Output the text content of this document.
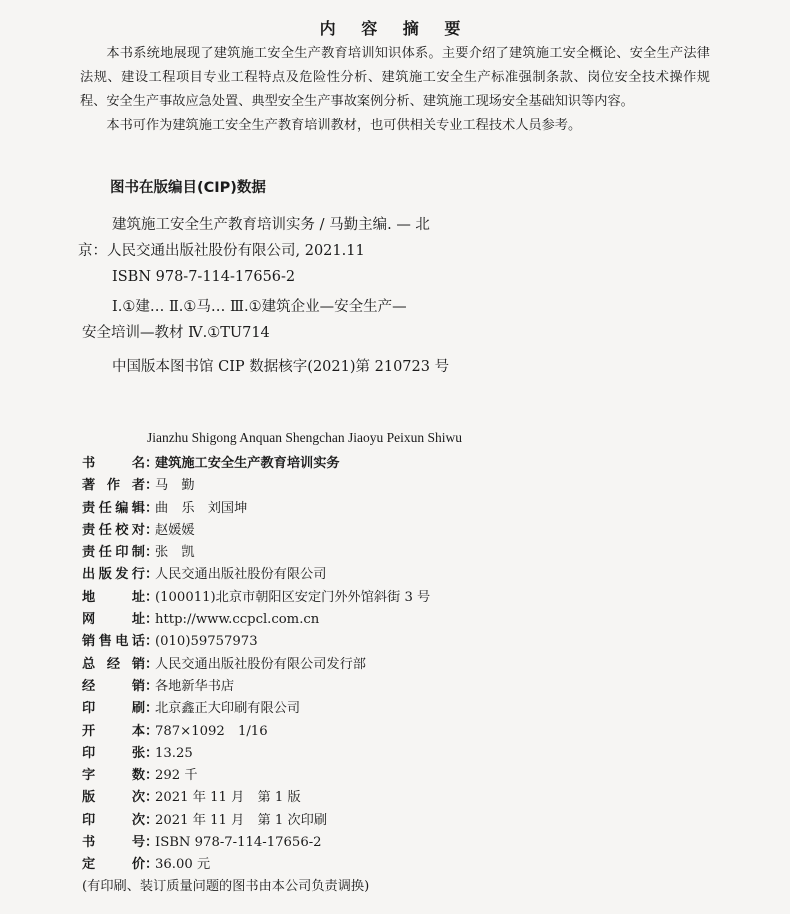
内 容 摘 要

本书系统地展现了建筑施工安全生产教育培训知识体系。主要介绍了建筑施工安全概论、安全生产法律法规、建设工程项目专业工程特点及危险性分析、建筑施工安全生产标准强制条款、岗位安全技术操作规程、安全生产事故应急处置、典型安全生产事故案例分析、建筑施工现场安全基础知识等内容。

本书可作为建筑施工安全生产教育培训教材，也可供相关专业工程技术人员参考。

图书在版编目(CIP)数据
建筑施工安全生产教育培训实务 / 马勤主编. — 北
京：人民交通出版社股份有限公司, 2021.11
ISBN 978-7-114-17656-2
Ⅰ.①建… Ⅱ.①马… Ⅲ.①建筑企业—安全生产—
安全培训—教材 Ⅳ.①TU714
中国版本图书馆 CIP 数据核字(2021)第 210723 号
Jianzhu Shigong Anquan Shengchan Jiaoyu Peixun Shiwu
书	名 ：
建筑施工安全生产教育培训实务
著 作 者 ：
马　勤
责 任 编 辑 ：
曲　乐　刘国坤
责 任 校 对 ：
赵媛媛
责 任 印 制 ：
张　凯
出 版 发 行 ：
人民交通出版社股份有限公司
地	址 ：
(100011)北京市朝阳区安定门外外馆斜街 3 号
网	址 ：
http://www.ccpcl.com.cn
销 售 电 话 ：
(010)59757973
总 经 销 ：
人民交通出版社股份有限公司发行部
经	销 ：
各地新华书店
印	刷 ：
北京鑫正大印刷有限公司
开	本 ：
787×1092　1/16
印	张 ：
13.25
字	数 ：
292 千
版	次 ：
2021 年 11 月　第 1 版
印	次 ：
2021 年 11 月　第 1 次印刷
书	号 ：
ISBN 978-7-114-17656-2
定	价 ：
36.00 元
(有印刷、装订质量问题的图书由本公司负责调换)
